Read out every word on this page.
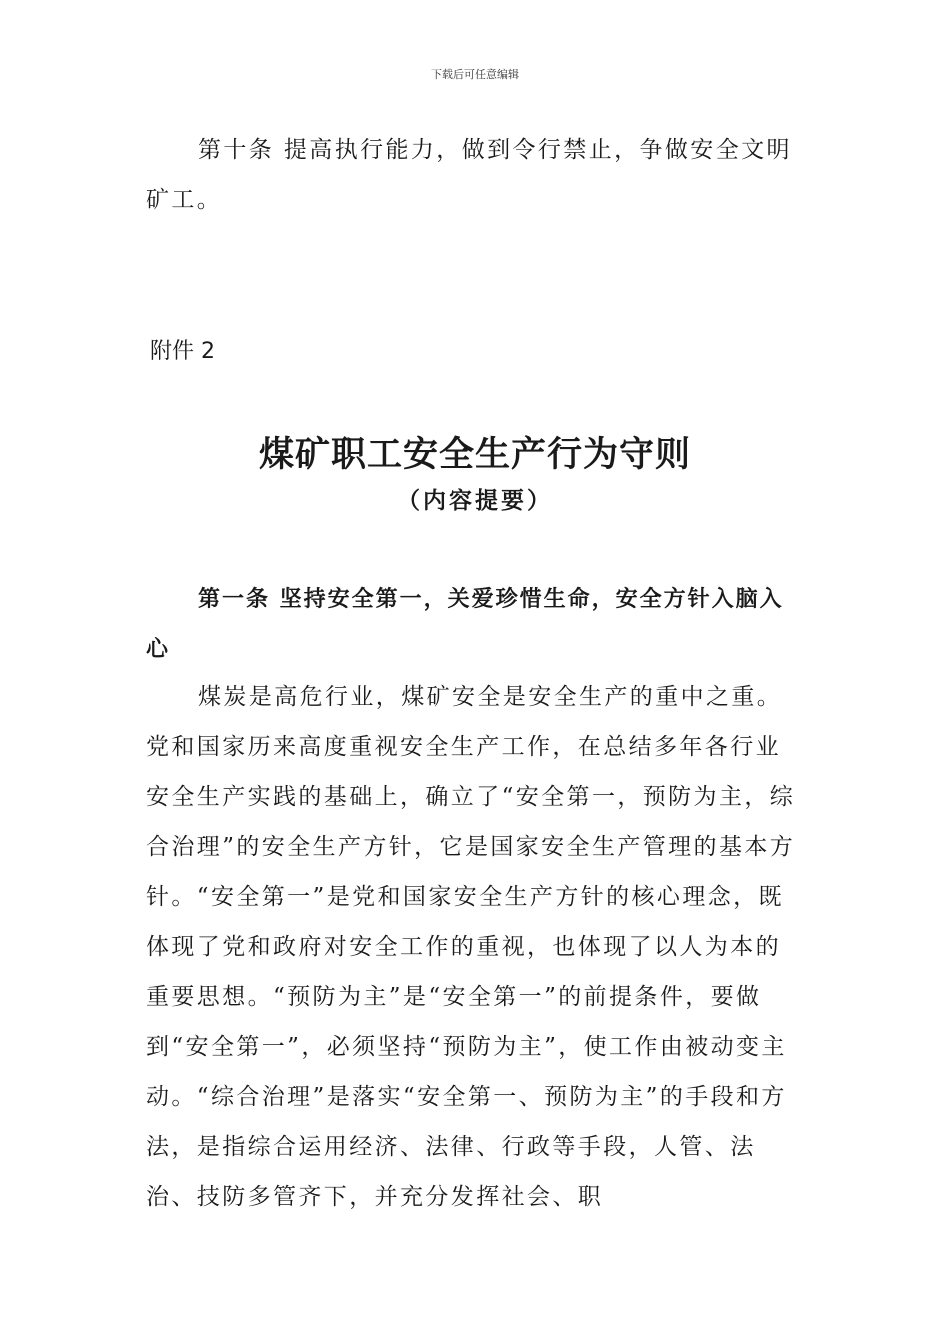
下载后可任意编辑

第十条 提高执行能力，做到令行禁止，争做安全文明矿工。

附件 2
煤矿职工安全生产行为守则
（内容提要）

第一条 坚持安全第一，关爱珍惜生命，安全方针入脑入心

煤炭是高危行业，煤矿安全是安全生产的重中之重。党和国家历来高度重视安全生产工作，在总结多年各行业安全生产实践的基础上，确立了“安全第一，预防为主，综合治理”的安全生产方针，它是国家安全生产管理的基本方针。“安全第一”是党和国家安全生产方针的核心理念，既体现了党和政府对安全工作的重视，也体现了以人为本的重要思想。“预防为主”是“安全第一”的前提条件，要做到“安全第一”，必须坚持“预防为主”，使工作由被动变主动。“综合治理”是落实“安全第一、预防为主”的手段和方法，是指综合运用经济、法律、行政等手段，人管、法治、技防多管齐下，并充分发挥社会、职
